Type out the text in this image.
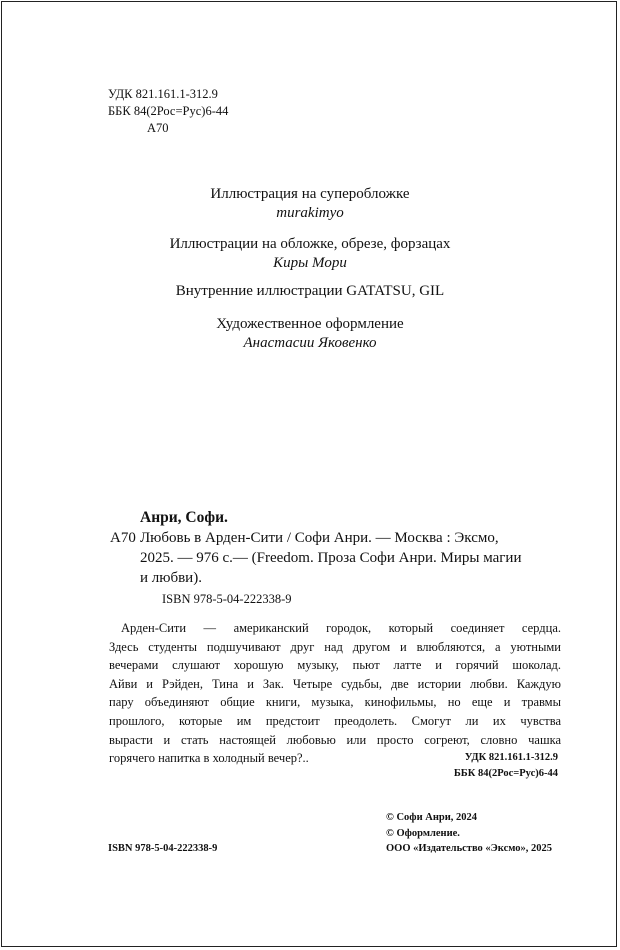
УДК 821.161.1-312.9
ББК 84(2Рос=Рус)6-44
А70
Иллюстрация на суперобложке
murakimyo
Иллюстрации на обложке, обрезе, форзацах
Киры Мори
Внутренние иллюстрации GATATSU, GIL
Художественное оформление
Анастасии Яковенко
Анри, Софи.
А70 Любовь в Арден-Сити / Софи Анри. — Москва : Эксмо,
2025. — 976 с.— (Freedom. Проза Софи Анри. Миры магии
и любви).
ISBN 978-5-04-222338-9
Арден-Сити — американский городок, который соединяет сердца.
Здесь студенты подшучивают друг над другом и влюбляются, а уютными
вечерами слушают хорошую музыку, пьют латте и горячий шоколад.
Айви и Рэйден, Тина и Зак. Четыре судьбы, две истории любви. Каждую
пару объединяют общие книги, музыка, кинофильмы, но еще и травмы
прошлого, которые им предстоит преодолеть. Смогут ли их чувства
вырасти и стать настоящей любовью или просто согреют, словно чашка
горячего напитка в холодный вечер?..	УДК 821.161.1-312.9
ББК 84(2Рос=Рус)6-44
© Софи Анри, 2024
© Оформление.
ISBN 978-5-04-222338-9	ООО «Издательство «Эксмо», 2025
